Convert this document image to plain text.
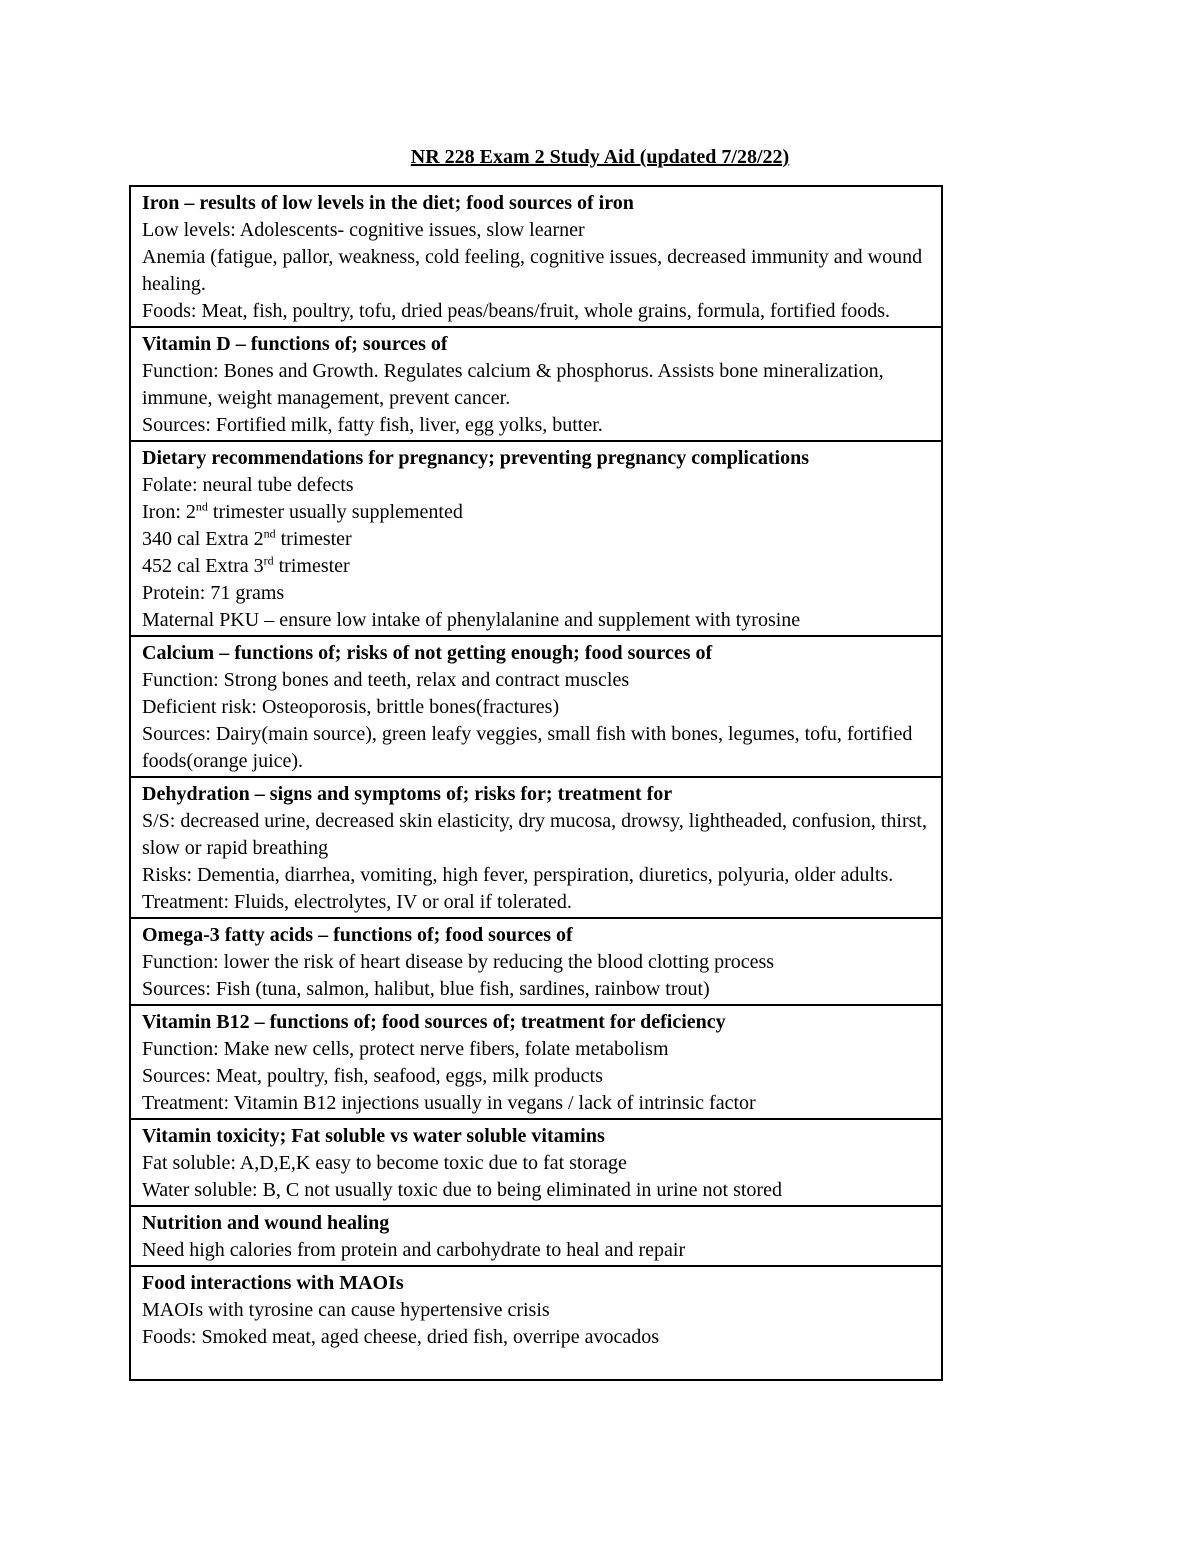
NR 228 Exam 2 Study Aid (updated 7/28/22)
Iron – results of low levels in the diet; food sources of iron
Low levels: Adolescents- cognitive issues, slow learner
Anemia (fatigue, pallor, weakness, cold feeling, cognitive issues, decreased immunity and wound healing.
Foods: Meat, fish, poultry, tofu, dried peas/beans/fruit, whole grains, formula, fortified foods.
Vitamin D – functions of; sources of
Function: Bones and Growth. Regulates calcium & phosphorus. Assists bone mineralization, immune, weight management, prevent cancer.
Sources: Fortified milk, fatty fish, liver, egg yolks, butter.
Dietary recommendations for pregnancy; preventing pregnancy complications
Folate: neural tube defects
Iron: 2nd trimester usually supplemented
340 cal Extra 2nd trimester
452 cal Extra 3rd trimester
Protein: 71 grams
Maternal PKU – ensure low intake of phenylalanine and supplement with tyrosine
Calcium – functions of; risks of not getting enough; food sources of
Function: Strong bones and teeth, relax and contract muscles
Deficient risk: Osteoporosis, brittle bones(fractures)
Sources: Dairy(main source), green leafy veggies, small fish with bones, legumes, tofu, fortified foods(orange juice).
Dehydration – signs and symptoms of; risks for; treatment for
S/S: decreased urine, decreased skin elasticity, dry mucosa, drowsy, lightheaded, confusion, thirst, slow or rapid breathing
Risks: Dementia, diarrhea, vomiting, high fever, perspiration, diuretics, polyuria, older adults.
Treatment: Fluids, electrolytes, IV or oral if tolerated.
Omega-3 fatty acids – functions of; food sources of
Function: lower the risk of heart disease by reducing the blood clotting process
Sources: Fish (tuna, salmon, halibut, blue fish, sardines, rainbow trout)
Vitamin B12 – functions of; food sources of; treatment for deficiency
Function: Make new cells, protect nerve fibers, folate metabolism
Sources: Meat, poultry, fish, seafood, eggs, milk products
Treatment: Vitamin B12 injections usually in vegans / lack of intrinsic factor
Vitamin toxicity; Fat soluble vs water soluble vitamins
Fat soluble: A,D,E,K easy to become toxic due to fat storage
Water soluble: B, C not usually toxic due to being eliminated in urine not stored
Nutrition and wound healing
Need high calories from protein and carbohydrate to heal and repair
Food interactions with MAOIs
MAOIs with tyrosine can cause hypertensive crisis
Foods: Smoked meat, aged cheese, dried fish, overripe avocados
